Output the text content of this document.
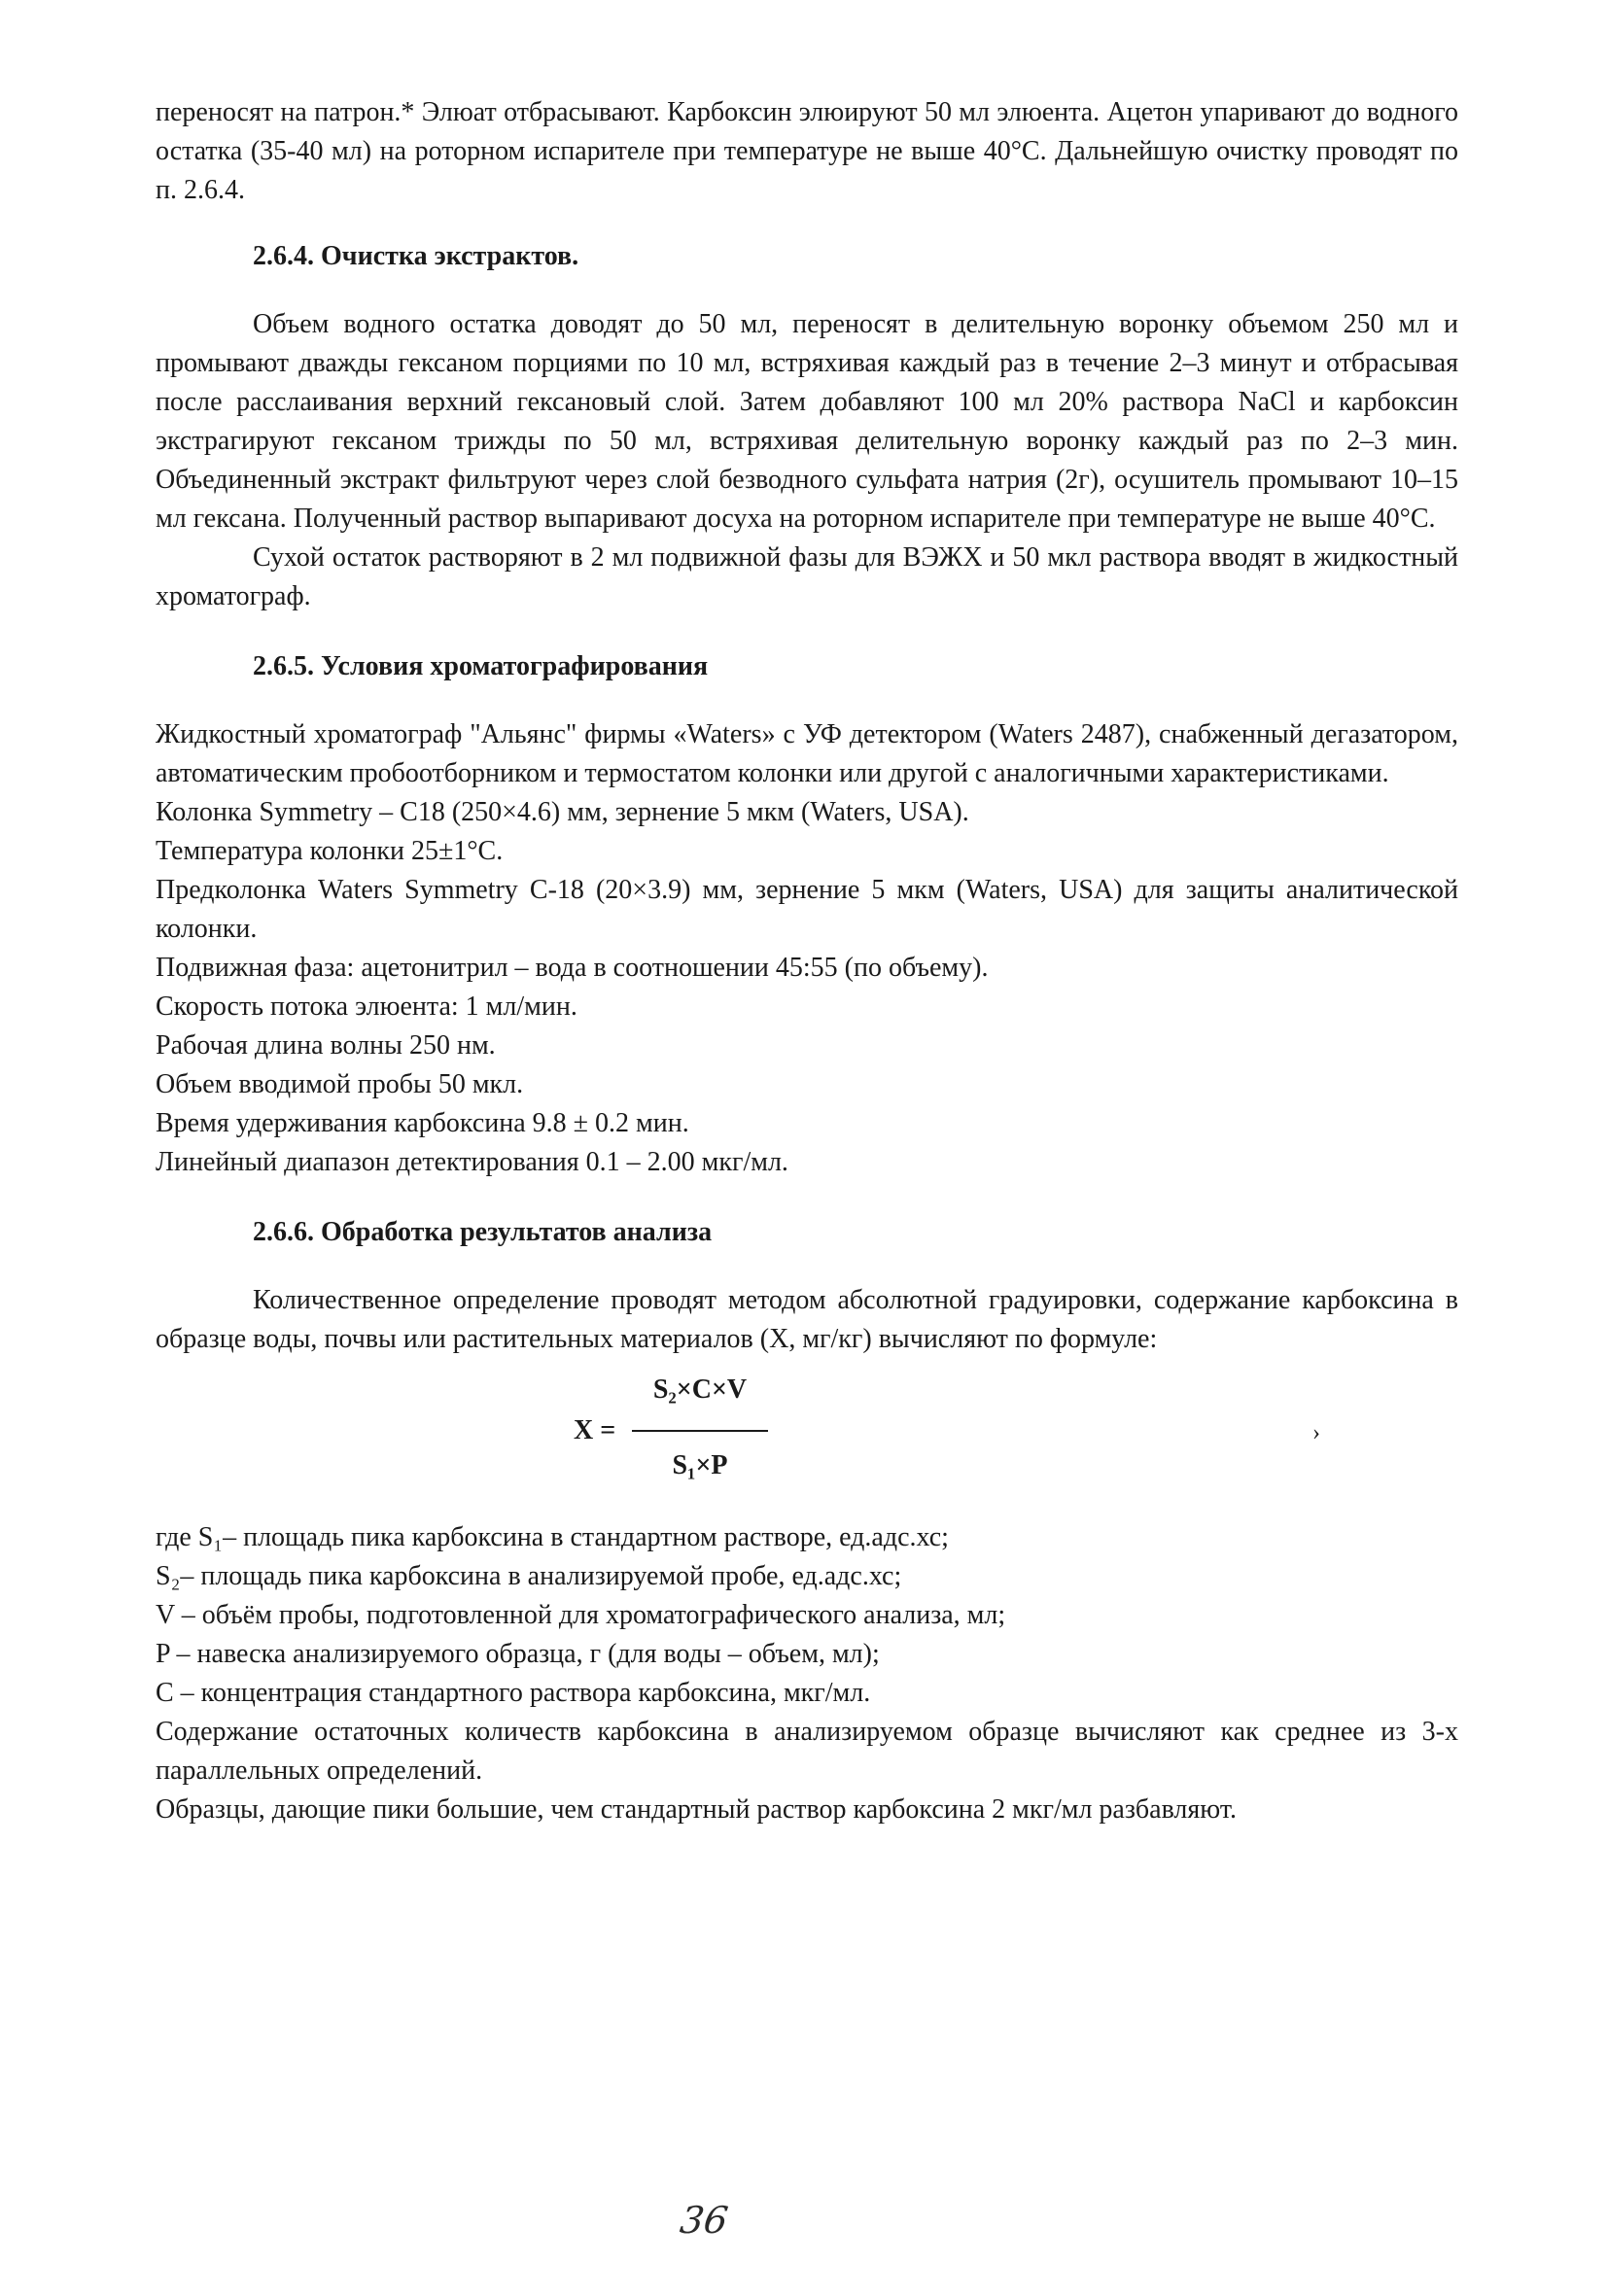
переносят на патрон.* Элюат отбрасывают. Карбоксин элюируют 50 мл элюента. Ацетон упаривают до водного остатка (35-40 мл) на роторном испарителе при температуре не выше 40°С. Дальнейшую очистку проводят по п. 2.6.4.

2.6.4. Очистка экстрактов.

Объем водного остатка доводят до 50 мл, переносят в делительную воронку объемом 250 мл и промывают дважды гексаном порциями по 10 мл, встряхивая каждый раз в течение 2–3 минут и отбрасывая после расслаивания верхний гексановый слой. Затем добавляют 100 мл 20% раствора NaCl и карбоксин экстрагируют гексаном трижды по 50 мл, встряхивая делительную воронку каждый раз по 2–3 мин. Объединенный экстракт фильтруют через слой безводного сульфата натрия (2г), осушитель промывают 10–15 мл гексана. Полученный раствор выпаривают досуха на роторном испарителе при температуре не выше 40°С.

Сухой остаток растворяют в 2 мл подвижной фазы для ВЭЖХ и 50 мкл раствора вводят в жидкостный хроматограф.

2.6.5. Условия хроматографирования

Жидкостный хроматограф "Альянс" фирмы «Waters» с УФ детектором (Waters 2487), снабженный дегазатором, автоматическим пробоотборником и термостатом колонки или другой с аналогичными характеристиками.

Колонка Symmetry – C18 (250×4.6) мм, зернение 5 мкм (Waters, USA).

Температура колонки 25±1°С.

Предколонка Waters Symmetry C-18 (20×3.9) мм, зернение 5 мкм (Waters, USA) для защиты аналитической колонки.

Подвижная фаза: ацетонитрил – вода в соотношении 45:55 (по объему).

Скорость потока элюента: 1 мл/мин.

Рабочая длина волны 250 нм.

Объем вводимой пробы 50 мкл.

Время удерживания карбоксина 9.8 ± 0.2 мин.

Линейный диапазон детектирования 0.1 – 2.00 мкг/мл.

2.6.6. Обработка результатов анализа

Количественное определение проводят методом абсолютной градуировки, содержание карбоксина в образце воды, почвы или растительных материалов (X, мг/кг) вычисляют по формуле:

X =
S₂×C×V
S₁×P
›

где S₁– площадь пика карбоксина в стандартном растворе, ед.адс.хс;

S₂– площадь пика карбоксина в анализируемой пробе, ед.адс.хс;

V – объём пробы, подготовленной для хроматографического анализа, мл;

P – навеска анализируемого образца, г (для воды – объем, мл);

С – концентрация стандартного раствора карбоксина, мкг/мл.

Содержание остаточных количеств карбоксина в анализируемом образце вычисляют как среднее из 3-х параллельных определений.

Образцы, дающие пики большие, чем стандартный раствор карбоксина 2 мкг/мл разбавляют.

36
